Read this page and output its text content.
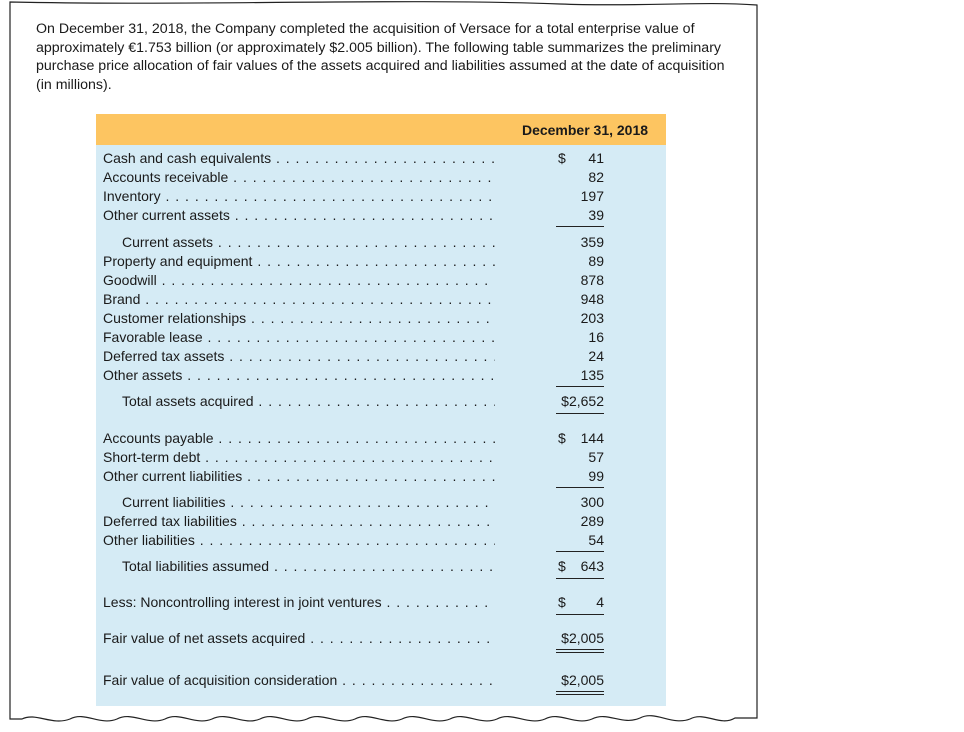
On December 31, 2018, the Company completed the acquisition of Versace for a total enterprise value of approximately €1.753 billion (or approximately $2.005 billion). The following table summarizes the preliminary purchase price allocation of fair values of the assets acquired and liabilities assumed at the date of acquisition (in millions).

December 31, 2018
Cash and cash equivalents . . .	$	41
Accounts receivable . . .	82
Inventory . . .	197
Other current assets . . .	39
Current assets . . .	359
Property and equipment . . .	89
Goodwill . . .	878
Brand . . .	948
Customer relationships . . .	203
Favorable lease . . .	16
Deferred tax assets . . .	24
Other assets . . .	135
Total assets acquired . . .	$2,652
Accounts payable . . .	$	144
Short-term debt . . .	57
Other current liabilities . . .	99
Current liabilities . . .	300
Deferred tax liabilities . . .	289
Other liabilities . . .	54
Total liabilities assumed . . .	$	643
Less: Noncontrolling interest in joint ventures . . .	$	4
Fair value of net assets acquired . . .	$2,005
Fair value of acquisition consideration . . .	$2,005
